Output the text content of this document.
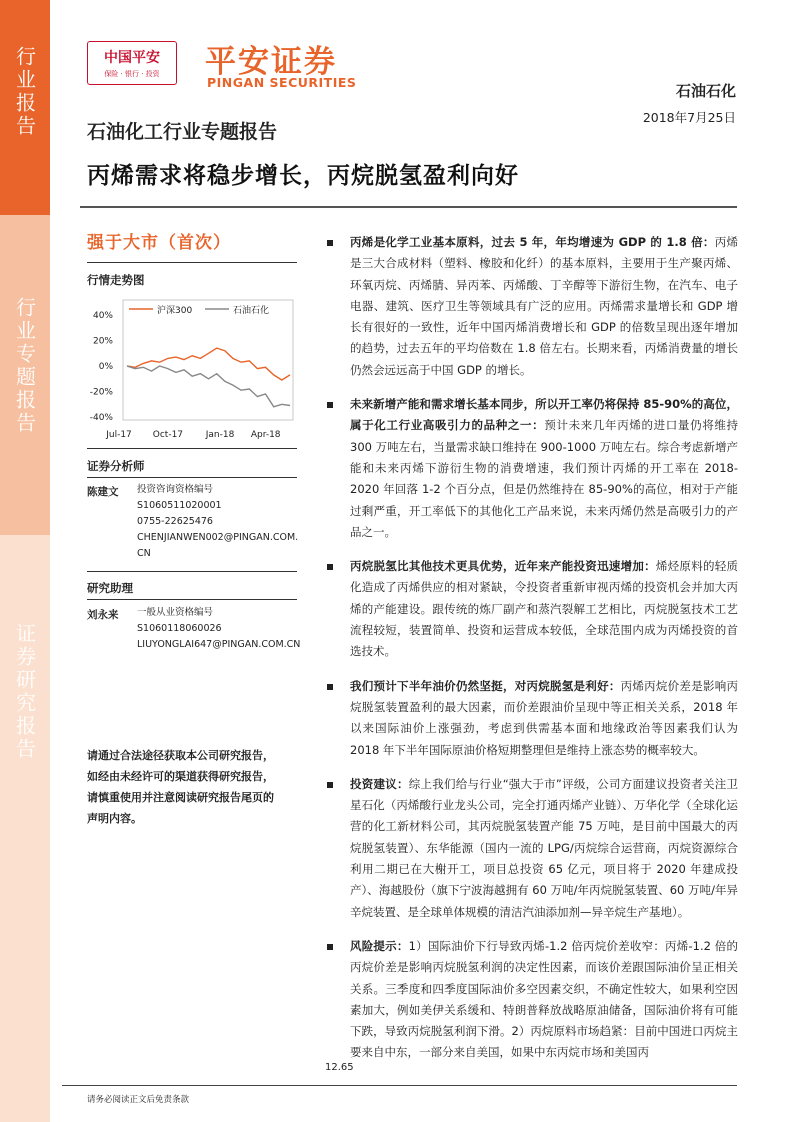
行业报告
行业专题报告
证券研究报告
中国平安
保险 · 银行 · 投资	平安证券
PINGAN SECURITIES	石油石化
2018年7月25日
石油化工行业专题报告
丙烯需求将稳步增长，丙烷脱氢盈利向好
强于大市（首次）
行情走势图
沪深300	石油石化
40%
20%
0%
-20%
-40%
Jul-17 Oct-17	Jan-18 Apr-18
证券分析师
陈建文 投资咨询资格编号
S1060511020001
0755-22625476
CHENJIANWEN002@PINGAN.COM.
CN
研究助理
刘永来 一般从业资格编号
S1060118060026
LIUYONGLAI647@PINGAN.COM.CN
请通过合法途径获取本公司研究报告，如经由未经许可的渠道获得研究报告，请慎重使用并注意阅读研究报告尾页的声明内容。
丙烯是化学工业基本原料，过去 5 年，年均增速为 GDP 的 1.8 倍：丙烯是三大合成材料（塑料、橡胶和化纤）的基本原料，主要用于生产聚丙烯、环氧丙烷、丙烯腈、异丙苯、丙烯酸、丁辛醇等下游衍生物，在汽车、电子电器、建筑、医疗卫生等领域具有广泛的应用。丙烯需求量增长和 GDP 增长有很好的一致性，近年中国丙烯消费增长和 GDP 的倍数呈现出逐年增加的趋势，过去五年的平均倍数在 1.8 倍左右。长期来看，丙烯消费量的增长仍然会远远高于中国 GDP 的增长。
未来新增产能和需求增长基本同步，所以开工率仍将保持 85-90%的高位，属于化工行业高吸引力的品种之一：预计未来几年丙烯的进口量仍将维持 300 万吨左右，当量需求缺口维持在 900-1000 万吨左右。综合考虑新增产能和未来丙烯下游衍生物的消费增速，我们预计丙烯的开工率在 2018-2020 年回落 1-2 个百分点，但是仍然维持在 85-90%的高位，相对于产能过剩严重，开工率低下的其他化工产品来说，未来丙烯仍然是高吸引力的产品之一。
丙烷脱氢比其他技术更具优势，近年来产能投资迅速增加：烯烃原料的轻质化造成了丙烯供应的相对紧缺，令投资者重新审视丙烯的投资机会并加大丙烯的产能建设。跟传统的炼厂副产和蒸汽裂解工艺相比，丙烷脱氢技术工艺流程较短，装置简单、投资和运营成本较低，全球范围内成为丙烯投资的首选技术。
我们预计下半年油价仍然坚挺，对丙烷脱氢是利好：丙烯丙烷价差是影响丙烷脱氢装置盈利的最大因素，而价差跟油价呈现中等正相关关系，2018 年以来国际油价上涨强劲，考虑到供需基本面和地缘政治等因素我们认为 2018 年下半年国际原油价格短期整理但是维持上涨态势的概率较大。
投资建议：综上我们给与行业“强大于市”评级，公司方面建议投资者关注卫星石化（丙烯酸行业龙头公司，完全打通丙烯产业链）、万华化学（全球化运营的化工新材料公司，其丙烷脱氢装置产能 75 万吨，是目前中国最大的丙烷脱氢装置）、东华能源（国内一流的 LPG/丙烷综合运营商，丙烷资源综合利用二期已在大榭开工，项目总投资 65 亿元，项目将于 2020 年建成投产）、海越股份（旗下宁波海越拥有 60 万吨/年丙烷脱氢装置、60 万吨/年异辛烷装置、是全球单体规模的清洁汽油添加剂—异辛烷生产基地）。
风险提示：1）国际油价下行导致丙烯-1.2 倍丙烷价差收窄：丙烯-1.2 倍的丙烷价差是影响丙烷脱氢利润的决定性因素，而该价差跟国际油价呈正相关关系。三季度和四季度国际油价多空因素交织，不确定性较大，如果利空因素加大，例如美伊关系缓和、特朗普释放战略原油储备，国际油价将有可能下跌，导致丙烷脱氢利润下滑。2）丙烷原料市场趋紧：目前中国进口丙烷主要来自中东，一部分来自美国，如果中东丙烷市场和美国丙
12.65
请务必阅读正文后免责条款
